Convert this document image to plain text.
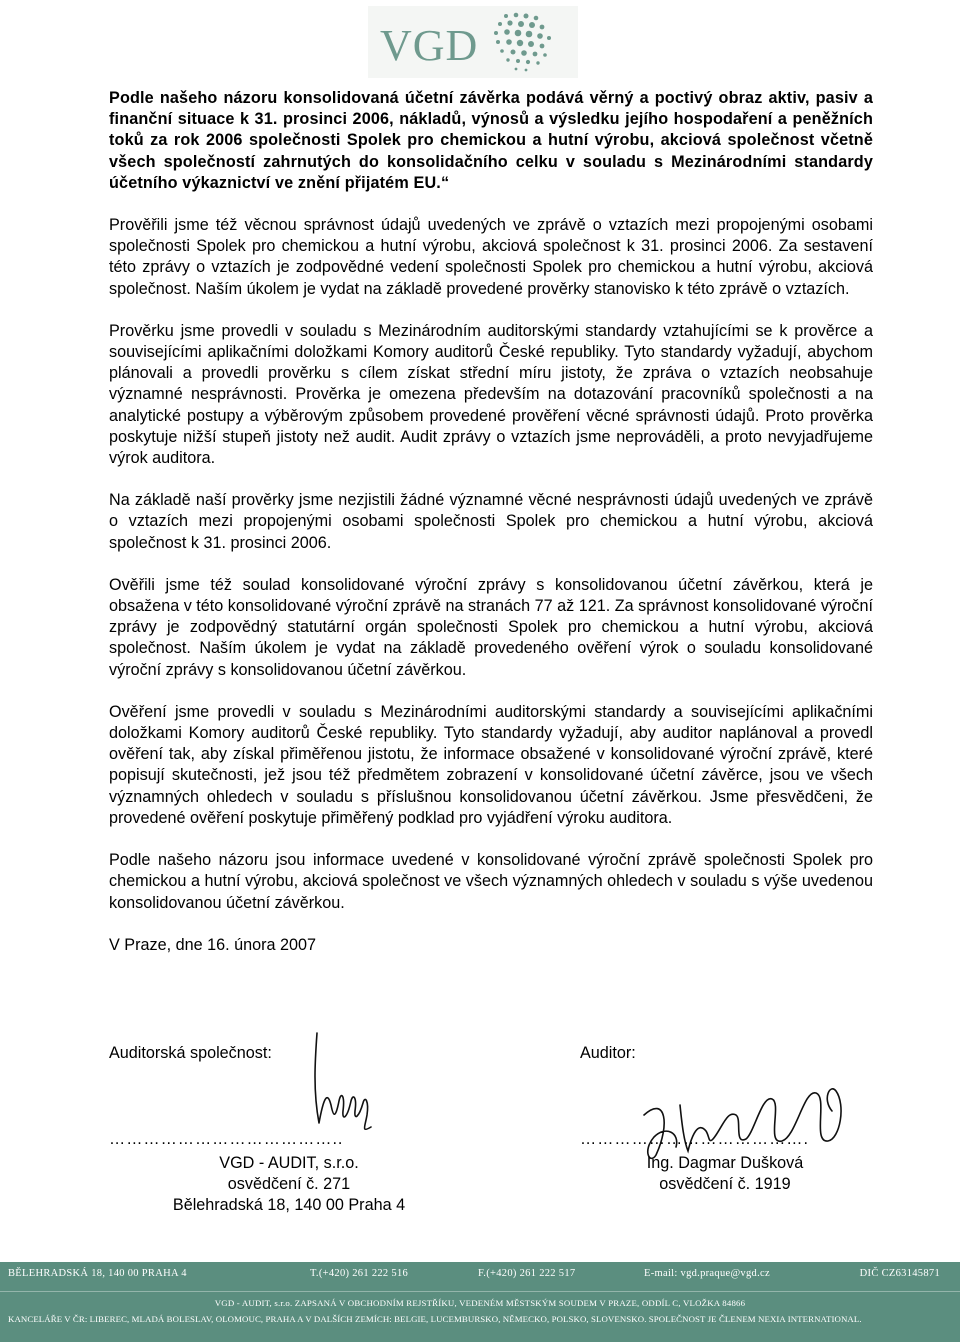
VGD

Podle našeho názoru konsolidovaná účetní závěrka podává věrný a poctivý obraz aktiv, pasiv a finanční situace k 31. prosinci 2006, nákladů, výnosů a výsledku jejího hospodaření a peněžních toků za rok 2006 společnosti Spolek pro chemickou a hutní výrobu, akciová společnost včetně všech společností zahrnutých do konsolidačního celku v souladu s Mezinárodními standardy účetního výkaznictví ve znění přijatém EU.“

Prověřili jsme též věcnou správnost údajů uvedených ve zprávě o vztazích mezi propojenými osobami společnosti Spolek pro chemickou a hutní výrobu, akciová společnost k 31. prosinci 2006. Za sestavení této zprávy o vztazích je zodpovědné vedení společnosti Spolek pro chemickou a hutní výrobu, akciová společnost. Naším úkolem je vydat na základě provedené prověrky stanovisko k této zprávě o vztazích.

Prověrku jsme provedli v souladu s Mezinárodním auditorskými standardy vztahujícími se k prověrce a souvisejícími aplikačními doložkami Komory auditorů České republiky. Tyto standardy vyžadují, abychom plánovali a provedli prověrku s cílem získat střední míru jistoty, že zpráva o vztazích neobsahuje významné nesprávnosti. Prověrka je omezena především na dotazování pracovníků společnosti a na analytické postupy a výběrovým způsobem provedené prověření věcné správnosti údajů. Proto prověrka poskytuje nižší stupeň jistoty než audit. Audit zprávy o vztazích jsme neprováděli, a proto nevyjadřujeme výrok auditora.

Na základě naší prověrky jsme nezjistili žádné významné věcné nesprávnosti údajů uvedených ve zprávě o vztazích mezi propojenými osobami společnosti Spolek pro chemickou a hutní výrobu, akciová společnost k 31. prosinci 2006.

Ověřili jsme též soulad konsolidované výroční zprávy s konsolidovanou účetní závěrkou, která je obsažena v této konsolidované výroční zprávě na stranách 77 až 121. Za správnost konsolidované výroční zprávy je zodpovědný statutární orgán společnosti Spolek pro chemickou a hutní výrobu, akciová společnost. Naším úkolem je vydat na základě provedeného ověření výrok o souladu konsolidované výroční zprávy s konsolidovanou účetní závěrkou.

Ověření jsme provedli v souladu s Mezinárodními auditorskými standardy a souvisejícími aplikačními doložkami Komory auditorů České republiky. Tyto standardy vyžadují, aby auditor naplánoval a provedl ověření tak, aby získal přiměřenou jistotu, že informace obsažené v konsolidované výroční zprávě, které popisují skutečnosti, jež jsou též předmětem zobrazení v konsolidované účetní závěrce, jsou ve všech významných ohledech v souladu s příslušnou konsolidovanou účetní závěrkou. Jsme přesvědčeni, že provedené ověření poskytuje přiměřený podklad pro vyjádření výroku auditora.

Podle našeho názoru jsou informace uvedené v konsolidované výroční zprávě společnosti Spolek pro chemickou a hutní výrobu, akciová společnost ve všech významných ohledech v souladu s výše uvedenou konsolidovanou účetní závěrkou.

V Praze, dne 16. února 2007

Auditorská společnost:
…………………………………..
VGD - AUDIT, s.r.o.
osvědčení č. 271
Bělehradská 18, 140 00 Praha 4
Auditor:
………………………………….
Ing. Dagmar Dušková
osvědčení č. 1919
BĚLEHRADSKÁ 18, 140 00 PRAHA 4	T.(+420) 261 222 516	F.(+420) 261 222 517	E-mail: vgd.praque@vgd.cz	DIČ CZ63145871
VGD - AUDIT, s.r.o. ZAPSANÁ V OBCHODNÍM REJSTŘÍKU, VEDENÉM MĚSTSKÝM SOUDEM V PRAZE, ODDÍL C, VLOŽKA 84866
KANCELÁŘE V ČR: LIBEREC, MLADÁ BOLESLAV, OLOMOUC, PRAHA A V DALŠÍCH ZEMÍCH: BELGIE, LUCEMBURSKO, NĚMECKO, POLSKO, SLOVENSKO. SPOLEČNOST JE ČLENEM NEXIA INTERNATIONAL.
